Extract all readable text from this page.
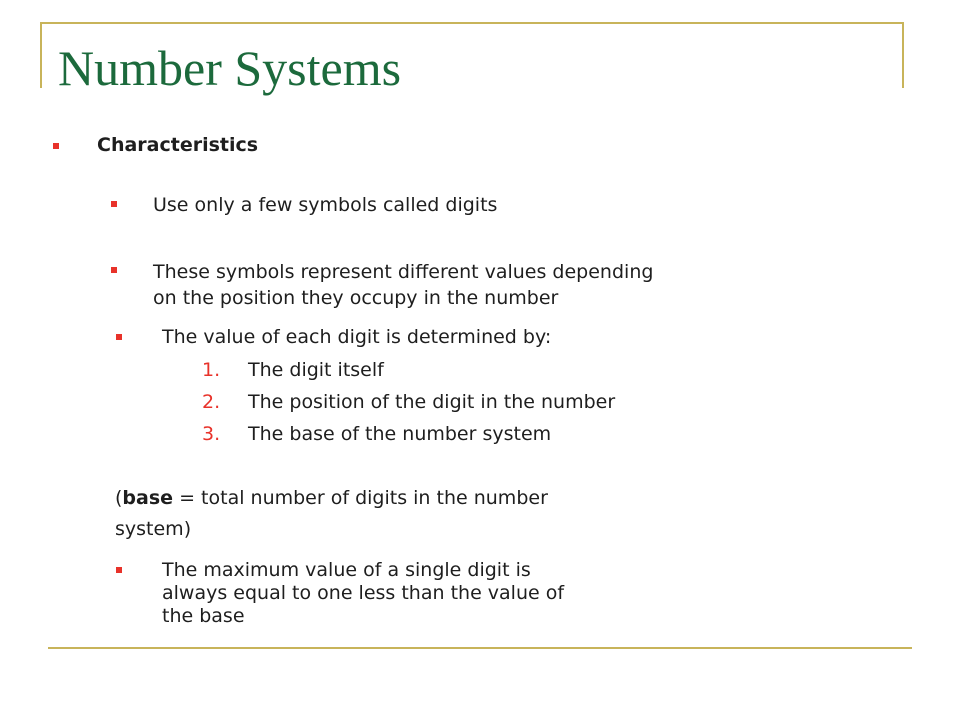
Number Systems
Characteristics
Use only a few symbols called digits
These symbols represent different values depending
on the position they occupy in the number
The value of each digit is determined by:
1. The digit itself
2. The position of the digit in the number
3. The base of the number system
(base = total number of digits in the number
system)
The maximum value of a single digit is
always equal to one less than the value of
the base
